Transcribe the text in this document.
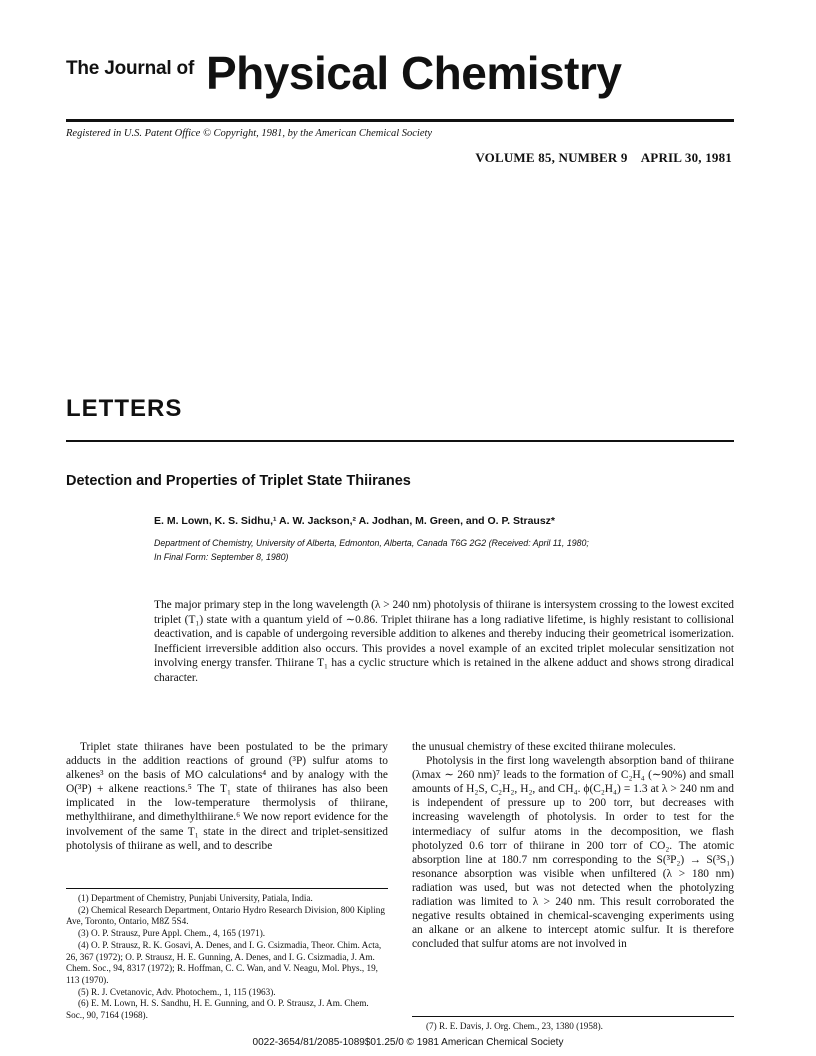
The Journal of Physical Chemistry
Registered in U.S. Patent Office © Copyright, 1981, by the American Chemical Society
VOLUME 85, NUMBER 9    APRIL 30, 1981
LETTERS
Detection and Properties of Triplet State Thiiranes
E. M. Lown, K. S. Sidhu,¹ A. W. Jackson,² A. Jodhan, M. Green, and O. P. Strausz*
Department of Chemistry, University of Alberta, Edmonton, Alberta, Canada T6G 2G2 (Received: April 11, 1980;
In Final Form: September 8, 1980)
The major primary step in the long wavelength (λ > 240 nm) photolysis of thiirane is intersystem crossing to the lowest excited triplet (T₁) state with a quantum yield of ∼0.86. Triplet thiirane has a long radiative lifetime, is highly resistant to collisional deactivation, and is capable of undergoing reversible addition to alkenes and thereby inducing their geometrical isomerization. Inefficient irreversible addition also occurs. This provides a novel example of an excited triplet molecular sensitization not involving energy transfer. Thiirane T₁ has a cyclic structure which is retained in the alkene adduct and shows strong diradical character.

Triplet state thiiranes have been postulated to be the primary adducts in the addition reactions of ground (³P) sulfur atoms to alkenes³ on the basis of MO calculations⁴ and by analogy with the O(³P) + alkene reactions.⁵ The T₁ state of thiiranes has also been implicated in the low-temperature thermolysis of thiirane, methylthiirane, and dimethylthiirane.⁶ We now report evidence for the involvement of the same T₁ state in the direct and triplet-sensitized photolysis of thiirane as well, and to describe

the unusual chemistry of these excited thiirane molecules.

Photolysis in the first long wavelength absorption band of thiirane (λmax ∼ 260 nm)⁷ leads to the formation of C₂H₄ (∼90%) and small amounts of H₂S, C₂H₂, H₂, and CH₄. ϕ(C₂H₄) = 1.3 at λ > 240 nm and is independent of pressure up to 200 torr, but decreases with increasing wavelength of photolysis. In order to test for the intermediacy of sulfur atoms in the decomposition, we flash photolyzed 0.6 torr of thiirane in 200 torr of CO₂. The atomic absorption line at 180.7 nm corresponding to the S(³P₂) → S(³S₁) resonance absorption was visible when unfiltered (λ > 180 nm) radiation was used, but was not detected when the photolyzing radiation was limited to λ > 240 nm. This result corroborated the negative results obtained in chemical-scavenging experiments using an alkane or an alkene to intercept atomic sulfur. It is therefore concluded that sulfur atoms are not involved in

(1) Department of Chemistry, Punjabi University, Patiala, India.

(2) Chemical Research Department, Ontario Hydro Research Division, 800 Kipling Ave, Toronto, Ontario, M8Z 5S4.

(3) O. P. Strausz, Pure Appl. Chem., 4, 165 (1971).

(4) O. P. Strausz, R. K. Gosavi, A. Denes, and I. G. Csizmadia, Theor. Chim. Acta, 26, 367 (1972); O. P. Strausz, H. E. Gunning, A. Denes, and I. G. Csizmadia, J. Am. Chem. Soc., 94, 8317 (1972); R. Hoffman, C. C. Wan, and V. Neagu, Mol. Phys., 19, 113 (1970).

(5) R. J. Cvetanovic, Adv. Photochem., 1, 115 (1963).

(6) E. M. Lown, H. S. Sandhu, H. E. Gunning, and O. P. Strausz, J. Am. Chem. Soc., 90, 7164 (1968).

(7) R. E. Davis, J. Org. Chem., 23, 1380 (1958).
0022-3654/81/2085-1089$01.25/0 © 1981 American Chemical Society
